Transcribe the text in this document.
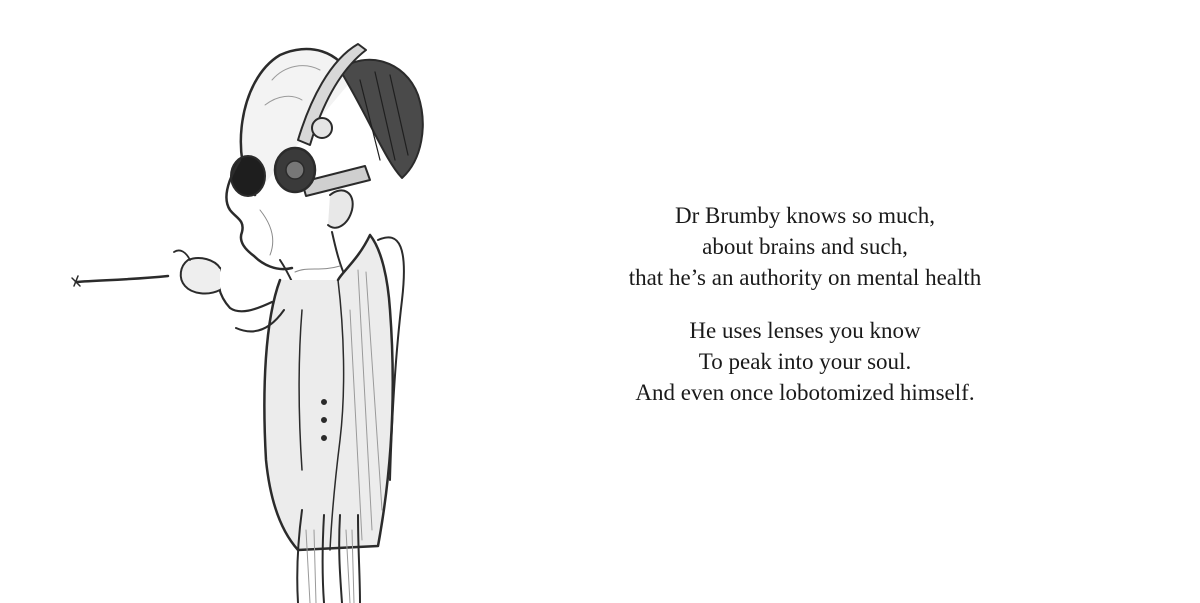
Dr Brumby knows so much,
about brains and such,
that he’s an authority on mental health
He uses lenses you know
To peak into your soul.
And even once lobotomized himself.
